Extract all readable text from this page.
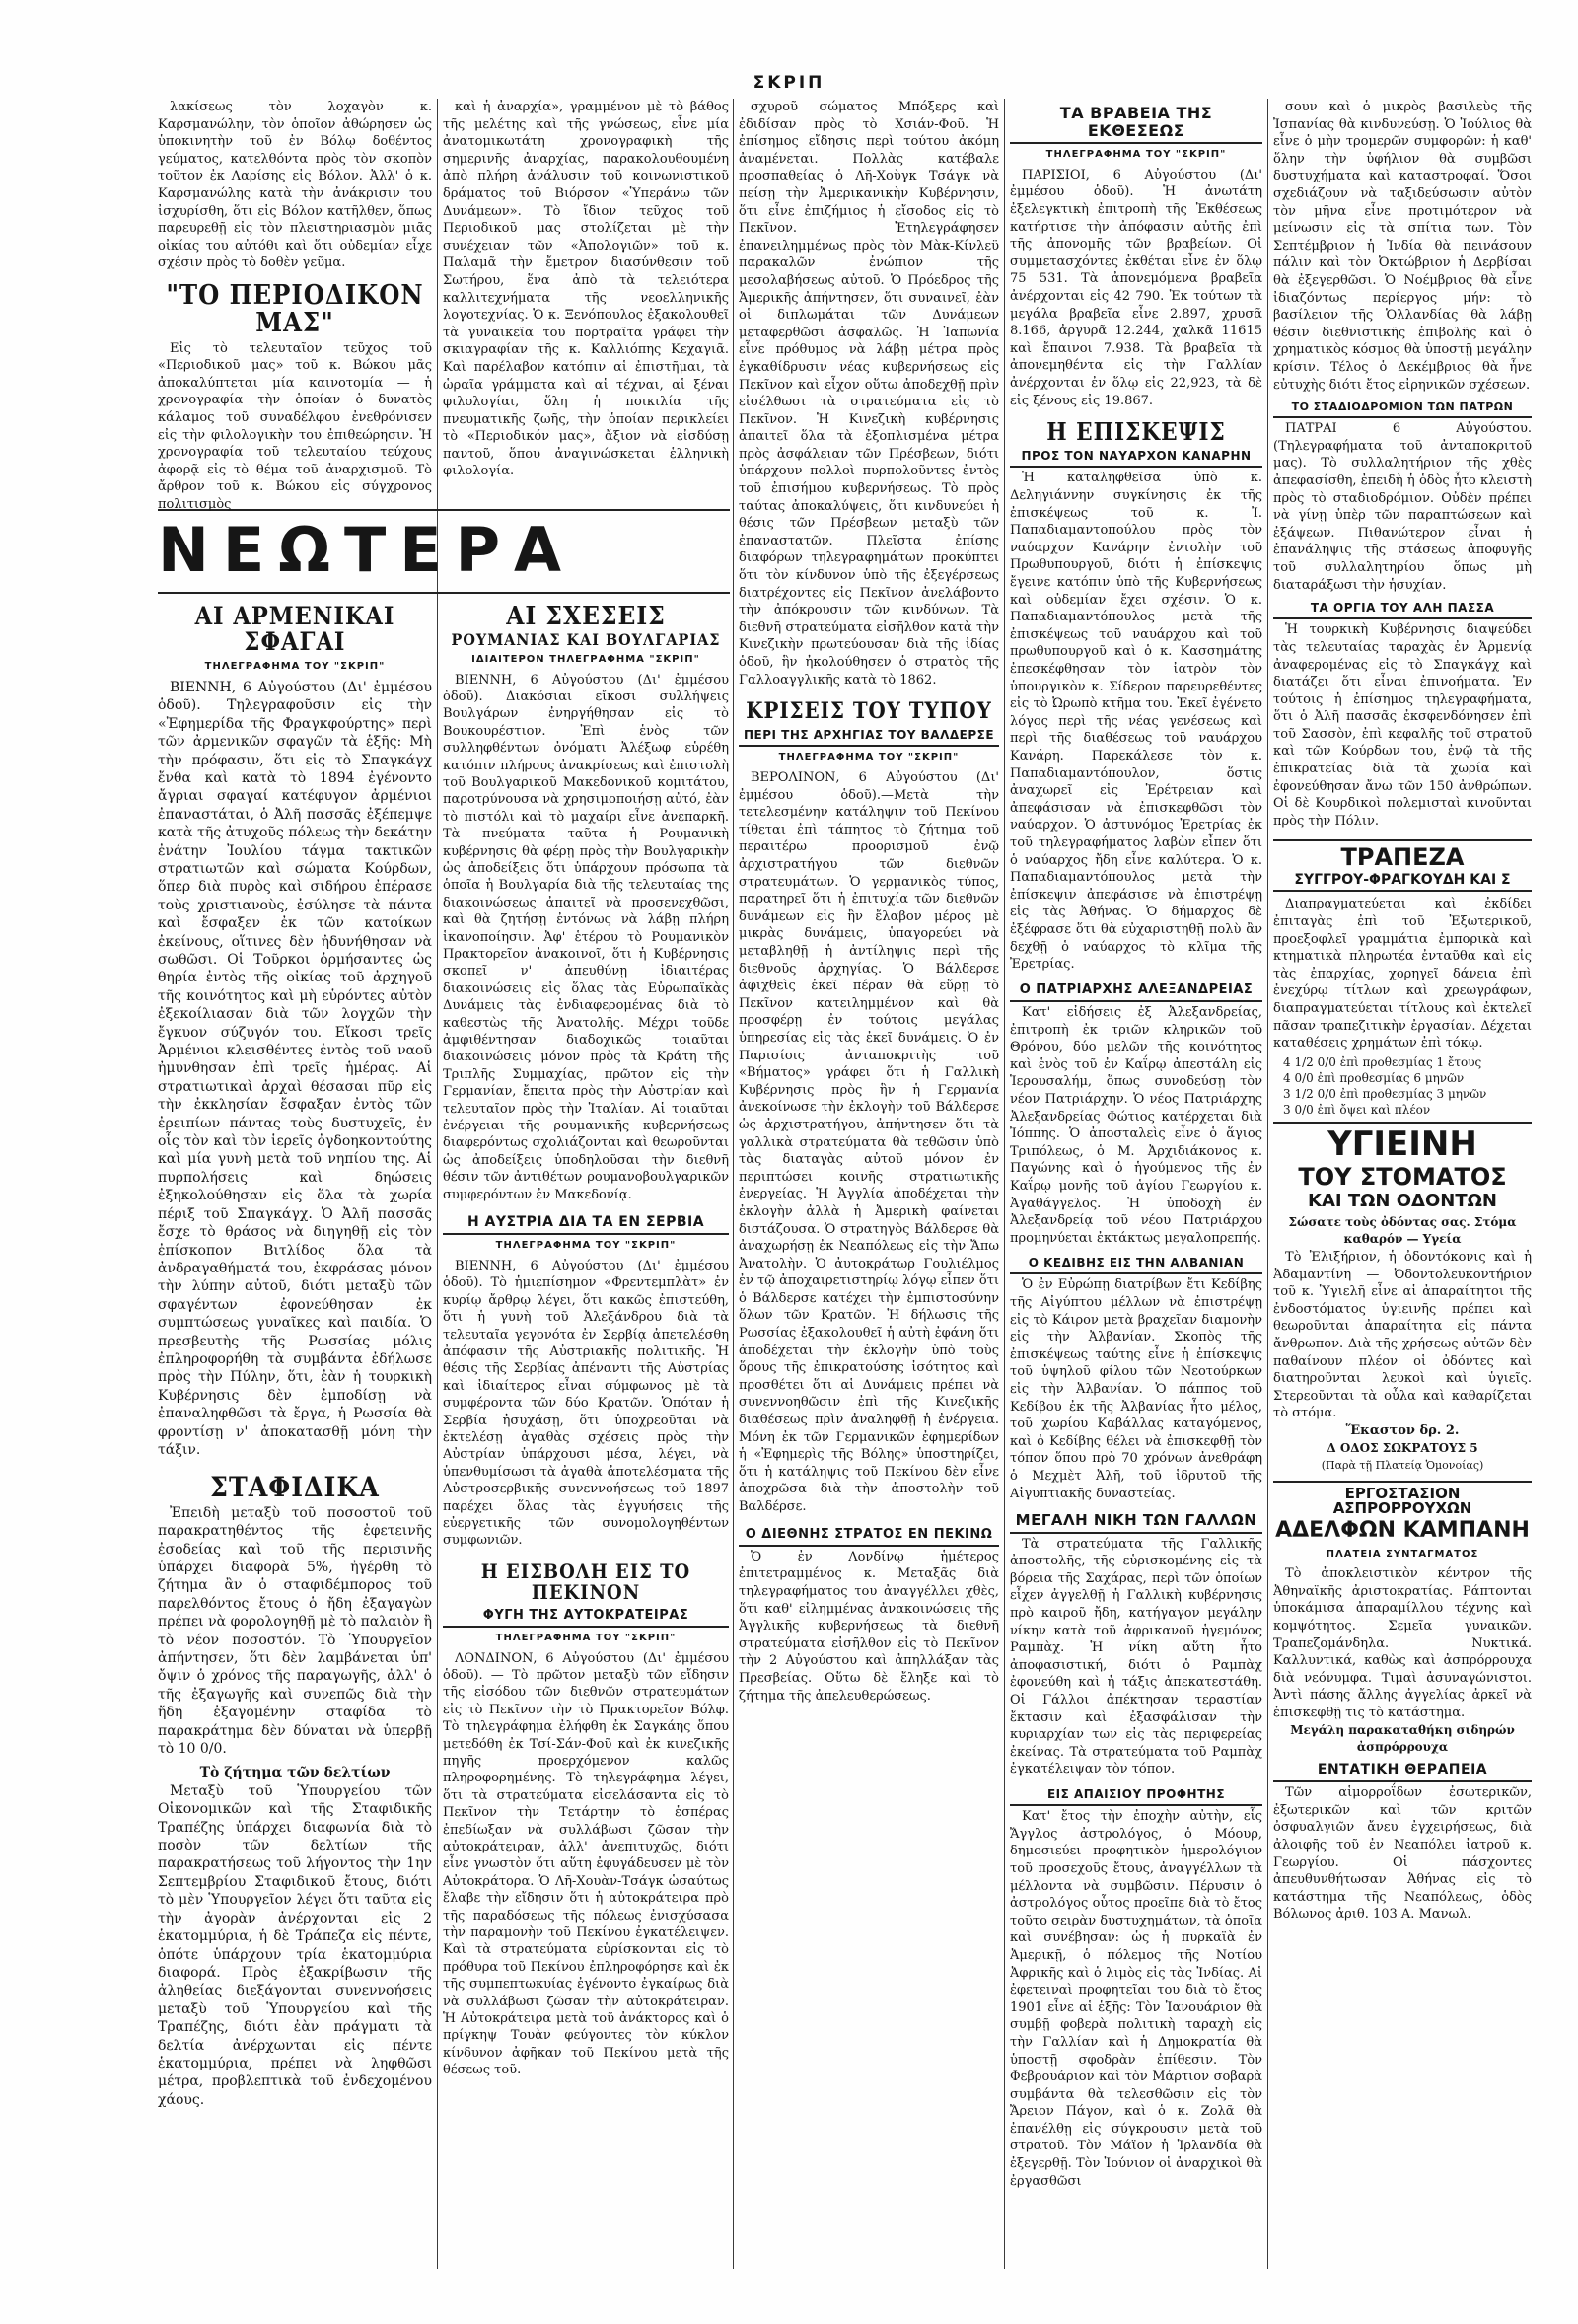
ΣΚΡΙΠ

λακίσεως τὸν λοχαγὸν κ. Καρσμανώλην, τὸν ὁποῖον ἀθώρησεν ὡς ὑποκινητὴν τοῦ ἐν Βόλῳ δοθέντος γεύματος, κατελθόντα πρὸς τὸν σκοπὸν τοῦτον ἐκ Λαρίσης εἰς Βόλον. Ἀλλ' ὁ κ. Καρσμανώλης κατὰ τὴν ἀνάκρισιν του ἰσχυρίσθη, ὅτι εἰς Βόλον κατῆλθεν, ὅπως παρευρεθῇ εἰς τὸν πλειστηριασμὸν μιᾶς οἰκίας του αὐτόθι καὶ ὅτι οὐδεμίαν εἶχε σχέσιν πρὸς τὸ δοθὲν γεῦμα.

"ΤΟ ΠΕΡΙΟΔΙΚΟΝ ΜΑΣ"

Εἰς τὸ τελευταῖον τεῦχος τοῦ «Περιοδικοῦ μας» τοῦ κ. Βώκου μᾶς ἀποκαλύπτεται μία καινοτομία — ἡ χρονογραφία τὴν ὁποίαν ὁ δυνατὸς κάλαμος τοῦ συναδέλφου ἐνεθρόνισεν εἰς τὴν φιλολογικὴν του ἐπιθεώρησιν. Ἡ χρονογραφία τοῦ τελευταίου τεύχους ἀφορᾷ εἰς τὸ θέμα τοῦ ἀναρχισμοῦ. Τὸ ἄρθρον τοῦ κ. Βώκου εἰς σύγχρονος πολιτισμὸς

ΝΕΩΤΕΡΑ
ΑΙ ΑΡΜΕΝΙΚΑΙ ΣΦΑΓΑΙ
ΤΗΛΕΓΡΑΦΗΜΑ ΤΟΥ "ΣΚΡΙΠ"

ΒΙΕΝΝΗ, 6 Αὐγούστου (Δι' ἐμμέσου ὁδοῦ). Τηλεγραφοῦσιν εἰς τὴν «Ἐφημερίδα τῆς Φραγκφούρτης» περὶ τῶν ἀρμενικῶν σφαγῶν τὰ ἑξῆς: Μὴ τὴν πρόφασιν, ὅτι εἰς τὸ Σπαγκάγχ ἔνθα καὶ κατὰ τὸ 1894 ἐγένοντο ἄγριαι σφαγαί κατέφυγον ἀρμένιοι ἐπαναστάται, ὁ Ἀλῆ πασσᾶς ἐξέπεμψε κατὰ τῆς ἀτυχοῦς πόλεως τὴν δεκάτην ἐνάτην Ἰουλίου τάγμα τακτικῶν στρατιωτῶν καὶ σώματα Κούρδων, ὅπερ διὰ πυρὸς καὶ σιδήρου ἐπέρασε τοὺς χριστιανοὺς, ἐσύλησε τὰ πάντα καὶ ἔσφαξεν ἐκ τῶν κατοίκων ἐκείνους, οἵτινες δὲν ἠδυνήθησαν νὰ σωθῶσι. Οἱ Τοῦρκοι ὁρμήσαντες ὡς θηρία ἐντὸς τῆς οἰκίας τοῦ ἀρχηγοῦ τῆς κοινότητος καὶ μὴ εὑρόντες αὐτὸν ἐξεκοίλιασαν διὰ τῶν λογχῶν τὴν ἔγκυον σύζυγόν του. Εἴκοσι τρεῖς Ἀρμένιοι κλεισθέντες ἐντὸς τοῦ ναοῦ ἠμυνθησαν ἐπὶ τρεῖς ἡμέρας. Αἱ στρατιωτικαὶ ἀρχαὶ θέσασαι πῦρ εἰς τὴν ἐκκλησίαν ἔσφαξαν ἐντὸς τῶν ἐρειπίων πάντας τοὺς δυστυχεῖς, ἐν οἷς τὸν καὶ τὸν ἱερεῖς ὀγδοηκοντούτης καὶ μία γυνὴ μετὰ τοῦ νηπίου της. Αἱ πυρπολήσεις καὶ δηώσεις ἐξηκολούθησαν εἰς ὅλα τὰ χωρία πέριξ τοῦ Σπαγκάγχ. Ὁ Ἀλῆ πασσᾶς ἔσχε τὸ θράσος νὰ διηγηθῇ εἰς τὸν ἐπίσκοπον Βιτλίδος ὅλα τὰ ἀνδραγαθήματά του, ἐκφράσας μόνον τὴν λύπην αὐτοῦ, διότι μεταξὺ τῶν σφαγέντων ἐφονεύθησαν ἐκ συμπτώσεως γυναῖκες καὶ παιδία. Ὁ πρεσβευτὴς τῆς Ρωσσίας μόλις ἐπληροφορήθη τὰ συμβάντα ἐδήλωσε πρὸς τὴν Πύλην, ὅτι, ἐὰν ἡ τουρκικὴ Κυβέρνησις δὲν ἐμποδίσῃ νὰ ἐπαναληφθῶσι τὰ ἔργα, ἡ Ρωσσία θὰ φροντίσῃ ν' ἀποκατασθῇ μόνη τὴν τάξιν.

ΣΤΑΦΙΔΙΚΑ

Ἐπειδὴ μεταξὺ τοῦ ποσοστοῦ τοῦ παρακρατηθέντος τῆς ἐφετεινῆς ἐσοδείας καὶ τοῦ τῆς περισινῆς ὑπάρχει διαφορὰ 5%, ἠγέρθη τὸ ζήτημα ἂν ὁ σταφιδέμπορος τοῦ παρελθόντος ἔτους ὁ ἤδη ἐξαγαγὼν πρέπει νὰ φορολογηθῇ μὲ τὸ παλαιὸν ἢ τὸ νέον ποσοστόν. Τὸ Ὑπουργεῖον ἀπήντησεν, ὅτι δὲν λαμβάνεται ὑπ' ὄψιν ὁ χρόνος τῆς παραγωγῆς, ἀλλ' ὁ τῆς ἐξαγωγῆς καὶ συνεπῶς διὰ τὴν ἤδη ἐξαγομένην σταφίδα τὸ παρακράτημα δὲν δύναται νὰ ὑπερβῇ τὸ 10 0/0.

Τὸ ζήτημα τῶν δελτίων

Μεταξὺ τοῦ Ὑπουργείου τῶν Οἰκονομικῶν καὶ τῆς Σταφιδικῆς Τραπέζης ὑπάρχει διαφωνία διὰ τὸ ποσὸν τῶν δελτίων τῆς παρακρατήσεως τοῦ λήγοντος τὴν 1ην Σεπτεμβρίου Σταφιδικοῦ ἔτους, διότι τὸ μὲν Ὑπουργεῖον λέγει ὅτι ταῦτα εἰς τὴν ἀγορὰν ἀνέρχονται εἰς 2 ἑκατομμύρια, ἡ δὲ Τράπεζα εἰς πέντε, ὁπότε ὑπάρχουν τρία ἑκατομμύρια διαφορά. Πρὸς ἐξακρίβωσιν τῆς ἀληθείας διεξάγονται συνεννοήσεις μεταξὺ τοῦ Ὑπουργείου καὶ τῆς Τραπέζης, διότι ἐὰν πράγματι τὰ δελτία ἀνέρχωνται εἰς πέντε ἑκατομμύρια, πρέπει νὰ ληφθῶσι μέτρα, προβλεπτικὰ τοῦ ἐνδεχομένου χάους.

καὶ ἡ ἀναρχία», γραμμένον μὲ τὸ βάθος τῆς μελέτης καὶ τῆς γνώσεως, εἶνε μία ἀνατομικωτάτη χρονογραφικὴ τῆς σημερινῆς ἀναρχίας, παρακολουθουμένη ἀπὸ πλήρη ἀνάλυσιν τοῦ κοινωνιστικοῦ δράματος τοῦ Βιόρσον «Ὑπεράνω τῶν Δυνάμεων». Τὸ ἴδιον τεῦχος τοῦ Περιοδικοῦ μας στολίζεται μὲ τὴν συνέχειαν τῶν «Ἀπολογιῶν» τοῦ κ. Παλαμᾶ τὴν ἔμετρον διασύνθεσιν τοῦ Σωτήρου, ἕνα ἀπὸ τὰ τελειότερα καλλιτεχνήματα τῆς νεοελληνικῆς λογοτεχνίας. Ὁ κ. Ξενόπουλος ἐξακολουθεῖ τὰ γυναικεῖα του πορτραῖτα γράφει τὴν σκιαγραφίαν τῆς κ. Καλλιόπης Κεχαγιᾶ. Καὶ παρέλαβον κατόπιν αἱ ἐπιστῆμαι, τὰ ὡραῖα γράμματα καὶ αἱ τέχναι, αἱ ξέναι φιλολογίαι, ὅλη ἡ ποικιλία τῆς πνευματικῆς ζωῆς, τὴν ὁποίαν περικλείει τὸ «Περιοδικόν μας», ἄξιον νὰ εἰσδύσῃ παντοῦ, ὅπου ἀναγινώσκεται ἑλληνικὴ φιλολογία.

ΑΙ ΣΧΕΣΕΙΣ
ΡΟΥΜΑΝΙΑΣ ΚΑΙ ΒΟΥΛΓΑΡΙΑΣ
ΙΔΙΑΙΤΕΡΟΝ ΤΗΛΕΓΡΑΦΗΜΑ "ΣΚΡΙΠ"

ΒΙΕΝΝΗ, 6 Αὐγούστου (Δι' ἐμμέσου ὁδοῦ). Διακόσιαι εἴκοσι συλλήψεις Βουλγάρων ἐνηργήθησαν εἰς τὸ Βουκουρέστιον. Ἐπὶ ἑνὸς τῶν συλληφθέντων ὀνόματι Ἀλέξωφ εὑρέθη κατόπιν πλήρους ἀνακρίσεως καὶ ἐπιστολὴ τοῦ Βουλγαρικοῦ Μακεδονικοῦ κομιτάτου, παροτρύνουσα νὰ χρησιμοποιήσῃ αὐτό, ἐὰν τὸ πιστόλι καὶ τὸ μαχαίρι εἶνε ἀνεπαρκῆ. Τὰ πνεύματα ταῦτα ἡ Ρουμανικὴ κυβέρνησις θὰ φέρῃ πρὸς τὴν Βουλγαρικὴν ὡς ἀποδείξεις ὅτι ὑπάρχουν πρόσωπα τὰ ὁποῖα ἡ Βουλγαρία διὰ τῆς τελευταίας της διακοινώσεως ἀπαιτεῖ νὰ προσενεχθῶσι, καὶ θὰ ζητήσῃ ἐντόνως νὰ λάβῃ πλήρη ἱκανοποίησιν. Ἀφ' ἑτέρου τὸ Ρουμανικὸν Πρακτορεῖον ἀνακοινοῖ, ὅτι ἡ Κυβέρνησις σκοπεῖ ν' ἀπευθύνῃ ἰδιαιτέρας διακοινώσεις εἰς ὅλας τὰς Εὐρωπαϊκὰς Δυνάμεις τὰς ἐνδιαφερομένας διὰ τὸ καθεστὼς τῆς Ἀνατολῆς. Μέχρι τοῦδε ἀμφιθέντησαν διαδοχικῶς τοιαῦται διακοινώσεις μόνον πρὸς τὰ Κράτη τῆς Τριπλῆς Συμμαχίας, πρῶτον εἰς τὴν Γερμανίαν, ἔπειτα πρὸς τὴν Αὐστρίαν καὶ τελευταῖον πρὸς τὴν Ἰταλίαν. Αἱ τοιαῦται ἐνέργειαι τῆς ρουμανικῆς κυβερνήσεως διαφερόντως σχολιάζονται καὶ θεωροῦνται ὡς ἀποδείξεις ὑποδηλοῦσαι τὴν διεθνῆ θέσιν τῶν ἀντιθέτων ρουμανοβουλγαρικῶν συμφερόντων ἐν Μακεδονίᾳ.

Η ΑΥΣΤΡΙΑ ΔΙΑ ΤΑ ΕΝ ΣΕΡΒΙΑ
ΤΗΛΕΓΡΑΦΗΜΑ ΤΟΥ "ΣΚΡΙΠ"

ΒΙΕΝΝΗ, 6 Αὐγούστου (Δι' ἐμμέσου ὁδοῦ). Τὸ ἡμιεπίσημον «Φρεντεμπλὰτ» ἐν κυρίῳ ἄρθρῳ λέγει, ὅτι κακῶς ἐπιστεύθη, ὅτι ἡ γυνὴ τοῦ Ἀλεξάνδρου διὰ τὰ τελευταῖα γεγονότα ἐν Σερβίᾳ ἀπετελέσθη ἀπόφασιν τῆς Αὐστριακῆς πολιτικῆς. Ἡ θέσις τῆς Σερβίας ἀπέναντι τῆς Αὐστρίας καὶ ἰδιαίτερος εἶναι σύμφωνος μὲ τὰ συμφέροντα τῶν δύο Κρατῶν. Ὁπόταν ἡ Σερβία ἠσυχάσῃ, ὅτι ὑποχρεοῦται νὰ ἐκτελέσῃ ἀγαθὰς σχέσεις πρὸς τὴν Αὐστρίαν ὑπάρχουσι μέσα, λέγει, νὰ ὑπενθυμίσωσι τὰ ἀγαθὰ ἀποτελέσματα τῆς Αὐστροσερβικῆς συνεννοήσεως τοῦ 1897 παρέχει ὅλας τὰς ἐγγυήσεις τῆς εὐεργετικῆς τῶν συνομολογηθέντων συμφωνιῶν.

Η ΕΙΣΒΟΛΗ ΕΙΣ ΤΟ ΠΕΚΙΝΟΝ
ΦΥΓΗ ΤΗΣ ΑΥΤΟΚΡΑΤΕΙΡΑΣ
ΤΗΛΕΓΡΑΦΗΜΑ ΤΟΥ "ΣΚΡΙΠ"

ΛΟΝΔΙΝΟΝ, 6 Αὐγούστου (Δι' ἐμμέσου ὁδοῦ). — Τὸ πρῶτον μεταξὺ τῶν εἴδησιν τῆς εἰσόδου τῶν διεθνῶν στρατευμάτων εἰς τὸ Πεκῖνον τὴν τὸ Πρακτορεῖον Βόλφ. Τὸ τηλεγράφημα ἐλήφθη ἐκ Σαγκάης ὅπου μετεδόθη ἐκ Τσί-Σάν-Φοῦ καὶ ἐκ κινεζικῆς πηγῆς προερχόμενον καλῶς πληροφορημένης. Τὸ τηλεγράφημα λέγει, ὅτι τὰ στρατεύματα εἰσελάσαντα εἰς τὸ Πεκῖνον τὴν Τετάρτην τὸ ἑσπέρας ἐπεδίωξαν νὰ συλλάβωσι ζῶσαν τὴν αὐτοκράτειραν, ἀλλ' ἀνεπιτυχῶς, διότι εἶνε γνωστὸν ὅτι αὕτη ἐφυγάδευσεν μὲ τὸν Αὐτοκράτορα. Ὁ Λῆ-Χουὰν-Τσάγκ ὡσαύτως ἔλαβε τὴν εἴδησιν ὅτι ἡ αὐτοκράτειρα πρὸ τῆς παραδόσεως τῆς πόλεως ἐνισχύσασα τὴν παραμονὴν τοῦ Πεκίνου ἐγκατέλειψεν. Καὶ τὰ στρατεύματα εὑρίσκονται εἰς τὸ πρόθυρα τοῦ Πεκίνου ἐπληροφόρησε καὶ ἐκ τῆς συμπεπτωκυίας ἐγένοντο ἐγκαίρως διὰ νὰ συλλάβωσι ζῶσαν τὴν αὐτοκράτειραν. Ἡ Αὐτοκράτειρα μετὰ τοῦ ἀνάκτορος καὶ ὁ πρίγκηψ Τουὰν φεύγοντες τὸν κύκλον κίνδυνον ἀφῆκαν τοῦ Πεκίνου μετὰ τῆς θέσεως τοῦ.

σχυροῦ σώματος Μπόξερς καὶ ἐδιδίσαν πρὸς τὸ Χσιάν-Φοῦ. Ἡ ἐπίσημος εἴδησις περὶ τούτου ἀκόμη ἀναμένεται. Πολλὰς κατέβαλε προσπαθείας ὁ Λῆ-Χοὺγκ Τσάγκ νὰ πείσῃ τὴν Ἀμερικανικὴν Κυβέρνησιν, ὅτι εἶνε ἐπιζήμιος ἡ εἴσοδος εἰς τὸ Πεκῖνον. Ἐτηλεγράφησεν ἐπανειλημμένως πρὸς τὸν Μὰκ-Κίνλεϋ παρακαλῶν ἐνώπιον τῆς μεσολαβήσεως αὐτοῦ. Ὁ Πρόεδρος τῆς Ἀμερικῆς ἀπήντησεν, ὅτι συναινεῖ, ἐὰν οἱ διπλωμάται τῶν Δυνάμεων μεταφερθῶσι ἀσφαλῶς. Ἡ Ἰαπωνία εἶνε πρόθυμος νὰ λάβῃ μέτρα πρὸς ἐγκαθίδρυσιν νέας κυβερνήσεως εἰς Πεκῖνον καὶ εἶχον οὕτω ἀποδεχθῇ πρὶν εἰσέλθωσι τὰ στρατεύματα εἰς τὸ Πεκῖνον. Ἡ Κινεζικὴ κυβέρνησις ἀπαιτεῖ ὅλα τὰ ἐξοπλισμένα μέτρα πρὸς ἀσφάλειαν τῶν Πρέσβεων, διότι ὑπάρχουν πολλοὶ πυρπολοῦντες ἐντὸς τοῦ ἐπισήμου κυβερνήσεως. Τὸ πρὸς ταύτας ἀποκαλύψεις, ὅτι κινδυνεύει ἡ θέσις τῶν Πρέσβεων μεταξὺ τῶν ἐπαναστατῶν. Πλεῖστα ἐπίσης διαφόρων τηλεγραφημάτων προκύπτει ὅτι τὸν κίνδυνον ὑπὸ τῆς ἐξεγέρσεως διατρέχοντες εἰς Πεκῖνον ἀνελάβοντο τὴν ἀπόκρουσιν τῶν κινδύνων. Τὰ διεθνῆ στρατεύματα εἰσῆλθον κατὰ τὴν Κινεζικὴν πρωτεύουσαν διὰ τῆς ἰδίας ὁδοῦ, ἣν ἠκολούθησεν ὁ στρατὸς τῆς Γαλλοαγγλικῆς κατὰ τὸ 1862.

ΚΡΙΣΕΙΣ ΤΟΥ ΤΥΠΟΥ
ΠΕΡΙ ΤΗΣ ΑΡΧΗΓΙΑΣ ΤΟΥ ΒΑΛΔΕΡΣΕ
ΤΗΛΕΓΡΑΦΗΜΑ ΤΟΥ "ΣΚΡΙΠ"

ΒΕΡΟΛΙΝΟΝ, 6 Αὐγούστου (Δι' ἐμμέσου ὁδοῦ).—Μετὰ τὴν τετελεσμένην κατάληψιν τοῦ Πεκίνου τίθεται ἐπὶ τάπητος τὸ ζήτημα τοῦ περαιτέρω προορισμοῦ ἐνῷ ἀρχιστρατήγου τῶν διεθνῶν στρατευμάτων. Ὁ γερμανικὸς τύπος, παρατηρεῖ ὅτι ἡ ἐπιτυχία τῶν διεθνῶν δυνάμεων εἰς ἣν ἔλαβον μέρος μὲ μικρὰς δυνάμεις, ὑπαγορεύει νὰ μεταβληθῇ ἡ ἀντίληψις περὶ τῆς διεθνοῦς ἀρχηγίας. Ὁ Βάλδερσε ἀφιχθεὶς ἐκεῖ πέραν θὰ εὕρῃ τὸ Πεκῖνον κατειλημμένον καὶ θὰ προσφέρῃ ἐν τούτοις μεγάλας ὑπηρεσίας εἰς τὰς ἐκεῖ δυνάμεις. Ὁ ἐν Παρισίοις ἀνταποκριτὴς τοῦ «Βήματος» γράφει ὅτι ἡ Γαλλικὴ Κυβέρνησις πρὸς ἣν ἡ Γερμανία ἀνεκοίνωσε τὴν ἐκλογὴν τοῦ Βάλδερσε ὡς ἀρχιστρατήγου, ἀπήντησεν ὅτι τὰ γαλλικὰ στρατεύματα θὰ τεθῶσιν ὑπὸ τὰς διαταγὰς αὐτοῦ μόνον ἐν περιπτώσει κοινῆς στρατιωτικῆς ἐνεργείας. Ἡ Ἀγγλία ἀποδέχεται τὴν ἐκλογὴν ἀλλὰ ἡ Ἀμερικὴ φαίνεται διστάζουσα. Ὁ στρατηγὸς Βάλδερσε θὰ ἀναχωρήσῃ ἐκ Νεαπόλεως εἰς τὴν Ἄπω Ἀνατολὴν. Ὁ ἀυτοκράτωρ Γουλιέλμος ἐν τῷ ἀποχαιρετιστηρίῳ λόγῳ εἶπεν ὅτι ὁ Βάλδερσε κατέχει τὴν ἐμπιστοσύνην ὅλων τῶν Κρατῶν. Ἡ δήλωσις τῆς Ρωσσίας ἐξακολουθεῖ ἡ αὐτὴ ἐφάνη ὅτι ἀποδέχεται τὴν ἐκλογὴν ὑπὸ τοὺς ὅρους τῆς ἐπικρατούσης ἰσότητος καὶ προσθέτει ὅτι αἱ Δυνάμεις πρέπει νὰ συνεννοηθῶσιν ἐπὶ τῆς Κινεζικῆς διαθέσεως πρὶν ἀναληφθῇ ἡ ἐνέργεια. Μόνη ἐκ τῶν Γερμανικῶν ἐφημερίδων ἡ «Ἐφημερὶς τῆς Βόλης» ὑποστηρίζει, ὅτι ἡ κατάληψις τοῦ Πεκίνου δὲν εἶνε ἀποχρῶσα διὰ τὴν ἀποστολὴν τοῦ Βαλδέρσε.

Ο ΔΙΕΘΝΗΣ ΣΤΡΑΤΟΣ ΕΝ ΠΕΚΙΝΩ

Ὁ ἐν Λονδίνῳ ἡμέτερος ἐπιτετραμμένος κ. Μεταξᾶς διὰ τηλεγραφήματος του ἀναγγέλλει χθὲς, ὅτι καθ' εἰλημμένας ἀνακοινώσεις τῆς Ἀγγλικῆς κυβερνήσεως τὰ διεθνῆ στρατεύματα εἰσῆλθον εἰς τὸ Πεκῖνον τὴν 2 Αὐγούστου καὶ ἀπηλλάξαν τὰς Πρεσβείας. Οὕτω δὲ ἔληξε καὶ τὸ ζήτημα τῆς ἀπελευθερώσεως.

ΤΑ ΒΡΑΒΕΙΑ ΤΗΣ ΕΚΘΕΣΕΩΣ
ΤΗΛΕΓΡΑΦΗΜΑ ΤΟΥ "ΣΚΡΙΠ"

ΠΑΡΙΣΙΟΙ, 6 Αὐγούστου (Δι' ἐμμέσου ὁδοῦ). Ἡ ἀνωτάτη ἐξελεγκτικὴ ἐπιτροπὴ τῆς Ἐκθέσεως κατήρτισε τὴν ἀπόφασιν αὐτῆς ἐπὶ τῆς ἀπονομῆς τῶν βραβείων. Οἱ συμμετασχόντες ἐκθέται εἶνε ἐν ὅλῳ 75 531. Τὰ ἀπονεμόμενα βραβεῖα ἀνέρχονται εἰς 42 790. Ἐκ τούτων τὰ μεγάλα βραβεῖα εἶνε 2.897, χρυσᾶ 8.166, ἀργυρᾶ 12.244, χαλκᾶ 11615 καὶ ἔπαινοι 7.938. Τὰ βραβεῖα τὰ ἀπονεμηθέντα εἰς τὴν Γαλλίαν ἀνέρχονται ἐν ὅλῳ εἰς 22,923, τὰ δὲ εἰς ξένους εἰς 19.867.

Η ΕΠΙΣΚΕΨΙΣ
ΠΡΟΣ ΤΟΝ ΝΑΥΑΡΧΟΝ ΚΑΝΑΡΗΝ

Ἡ καταληφθεῖσα ὑπὸ κ. Δεληγιάννην συγκίνησις ἐκ τῆς ἐπισκέψεως τοῦ κ. Ἰ. Παπαδιαμαντοπούλου πρὸς τὸν ναύαρχον Κανάρην ἐντολὴν τοῦ Πρωθυπουργοῦ, διότι ἡ ἐπίσκεψις ἔγεινε κατόπιν ὑπὸ τῆς Κυβερνήσεως καὶ οὐδεμίαν ἔχει σχέσιν. Ὁ κ. Παπαδιαμαντόπουλος μετὰ τῆς ἐπισκέψεως τοῦ ναυάρχου καὶ τοῦ πρωθυπουργοῦ καὶ ὁ κ. Κασσημάτης ἐπεσκέφθησαν τὸν ἰατρὸν τὸν ὑπουργικὸν κ. Σίδερον παρευρεθέντες εἰς τὸ Ὠρωπὸ κτῆμα του. Ἐκεῖ ἐγένετο λόγος περὶ τῆς νέας γενέσεως καὶ περὶ τῆς διαθέσεως τοῦ ναυάρχου Κανάρη. Παρεκάλεσε τὸν κ. Παπαδιαμαντόπουλον, ὅστις ἀναχωρεῖ εἰς Ἐρέτρειαν καὶ ἀπεφάσισαν νὰ ἐπισκεφθῶσι τὸν ναύαρχον. Ὁ ἀστυνόμος Ἐρετρίας ἐκ τοῦ τηλεγραφήματος λαβὼν εἶπεν ὅτι ὁ ναύαρχος ἤδη εἶνε καλύτερα. Ὁ κ. Παπαδιαμαντόπουλος μετὰ τὴν ἐπίσκεψιν ἀπεφάσισε νὰ ἐπιστρέψῃ εἰς τὰς Ἀθήνας. Ὁ δήμαρχος δὲ ἐξέφρασε ὅτι θὰ εὐχαριστηθῇ πολὺ ἂν δεχθῇ ὁ ναύαρχος τὸ κλῖμα τῆς Ἐρετρίας.

Ο ΠΑΤΡΙΑΡΧΗΣ ΑΛΕΞΑΝΔΡΕΙΑΣ

Κατ' εἰδήσεις ἐξ Ἀλεξανδρείας, ἐπιτροπὴ ἐκ τριῶν κληρικῶν τοῦ Θρόνου, δύο μελῶν τῆς κοινότητος καὶ ἑνὸς τοῦ ἐν Καΐρῳ ἀπεστάλη εἰς Ἱερουσαλήμ, ὅπως συνοδεύσῃ τὸν νέον Πατριάρχην. Ὁ νέος Πατριάρχης Ἀλεξανδρείας Φώτιος κατέρχεται διὰ Ἰόππης. Ὁ ἀποσταλεὶς εἶνε ὁ ἅγιος Τριπόλεως, ὁ Μ. Ἀρχιδιάκονος κ. Παγώνης καὶ ὁ ἡγούμενος τῆς ἐν Καΐρῳ μονῆς τοῦ ἁγίου Γεωργίου κ. Ἀγαθάγγελος. Ἡ ὑποδοχὴ ἐν Ἀλεξανδρείᾳ τοῦ νέου Πατριάρχου προμηνύεται ἐκτάκτως μεγαλοπρεπής.

Ο ΚΕΔΙΒΗΣ ΕΙΣ ΤΗΝ ΑΛΒΑΝΙΑΝ

Ὁ ἐν Εὐρώπῃ διατρίβων ἔτι Κεδίβης τῆς Αἰγύπτου μέλλων νὰ ἐπιστρέψῃ εἰς τὸ Κάιρον μετὰ βραχεῖαν διαμονὴν εἰς τὴν Ἀλβανίαν. Σκοπὸς τῆς ἐπισκέψεως ταύτης εἶνε ἡ ἐπίσκεψις τοῦ ὑψηλοῦ φίλου τῶν Νεοτούρκων εἰς τὴν Ἀλβανίαν. Ὁ πάππος τοῦ Κεδίβου ἐκ τῆς Ἀλβανίας ἦτο μέλος, τοῦ χωρίου Καβάλλας καταγόμενος, καὶ ὁ Κεδίβης θέλει νὰ ἐπισκεφθῇ τὸν τόπον ὅπου πρὸ 70 χρόνων ἀνεθράφη ὁ Μεχμὲτ Ἀλῆ, τοῦ ἱδρυτοῦ τῆς Αἰγυπτιακῆς δυναστείας.

ΜΕΓΑΛΗ ΝΙΚΗ ΤΩΝ ΓΑΛΛΩΝ

Τὰ στρατεύματα τῆς Γαλλικῆς ἀποστολῆς, τῆς εὑρισκομένης εἰς τὰ βόρεια τῆς Σαχάρας, περὶ τῶν ὁποίων εἶχεν ἀγγελθῇ ἡ Γαλλικὴ κυβέρνησις πρὸ καιροῦ ἤδη, κατήγαγον μεγάλην νίκην κατὰ τοῦ ἀφρικανοῦ ἡγεμόνος Ραμπὰχ. Ἡ νίκη αὕτη ἦτο ἀποφασιστική, διότι ὁ Ραμπὰχ ἐφονεύθη καὶ ἡ τάξις ἀπεκατεστάθη. Οἱ Γάλλοι ἀπέκτησαν τεραστίαν ἔκτασιν καὶ ἐξασφάλισαν τὴν κυριαρχίαν των εἰς τὰς περιφερείας ἐκείνας. Τὰ στρατεύματα τοῦ Ραμπὰχ ἐγκατέλειψαν τὸν τόπον.

ΕΙΣ ΑΠΑΙΣΙΟΥ ΠΡΟΦΗΤΗΣ

Κατ' ἔτος τὴν ἐποχὴν αὐτὴν, εἷς Ἄγγλος ἀστρολόγος, ὁ Μόουρ, δημοσιεύει προφητικὸν ἡμερολόγιον τοῦ προσεχοῦς ἔτους, ἀναγγέλλων τὰ μέλλοντα νὰ συμβῶσιν. Πέρυσιν ὁ ἀστρολόγος οὗτος προεῖπε διὰ τὸ ἔτος τοῦτο σειρὰν δυστυχημάτων, τὰ ὁποῖα καὶ συνέβησαν: ὡς ἡ πυρκαϊὰ ἐν Ἀμερικῇ, ὁ πόλεμος τῆς Νοτίου Ἀφρικῆς καὶ ὁ λιμὸς εἰς τὰς Ἰνδίας. Αἱ ἐφετειναὶ προφητεῖαι του διὰ τὸ ἔτος 1901 εἶνε αἱ ἑξῆς: Τὸν Ἰανουάριον θὰ συμβῇ φοβερὰ πολιτικὴ ταραχὴ εἰς τὴν Γαλλίαν καὶ ἡ Δημοκρατία θὰ ὑποστῇ σφοδρὰν ἐπίθεσιν. Τὸν Φεβρουάριον καὶ τὸν Μάρτιον σοβαρὰ συμβάντα θὰ τελεσθῶσιν εἰς τὸν Ἄρειον Πάγον, καὶ ὁ κ. Ζολᾶ θὰ ἐπανέλθῃ εἰς σύγκρουσιν μετὰ τοῦ στρατοῦ. Τὸν Μάϊον ἡ Ἰρλανδία θὰ ἐξεγερθῇ. Τὸν Ἰούνιον οἱ ἀναρχικοὶ θὰ ἐργασθῶσι

σουν καὶ ὁ μικρὸς βασιλεὺς τῆς Ἰσπανίας θὰ κινδυνεύσῃ. Ὁ Ἰούλιος θὰ εἶνε ὁ μὴν τρομερῶν συμφορῶν: ἡ καθ' ὅλην τὴν ὑφήλιον θὰ συμβῶσι δυστυχήματα καὶ καταστροφαί. Ὅσοι σχεδιάζουν νὰ ταξιδεύσωσιν αὐτὸν τὸν μῆνα εἶνε προτιμότερον νὰ μείνωσιν εἰς τὰ σπίτια των. Τὸν Σεπτέμβριον ἡ Ἰνδία θὰ πεινάσουν πάλιν καὶ τὸν Ὀκτώβριον ἡ Δερβίσαι θὰ ἐξεγερθῶσι. Ὁ Νοέμβριος θὰ εἶνε ἰδιαζόντως περίεργος μήν: τὸ βασίλειον τῆς Ὁλλανδίας θὰ λάβῃ θέσιν διεθνιστικῆς ἐπιβολῆς καὶ ὁ χρηματικὸς κόσμος θὰ ὑποστῇ μεγάλην κρίσιν. Τέλος ὁ Δεκέμβριος θὰ ἦνε εὐτυχὴς διότι ἔτος εἰρηνικῶν σχέσεων.

ΤΟ ΣΤΑΔΙΟΔΡΟΜΙΟΝ ΤΩΝ ΠΑΤΡΩΝ

ΠΑΤΡΑΙ 6 Αὐγούστου. (Τηλεγραφήματα τοῦ ἀνταποκριτοῦ μας). Τὸ συλλαλητήριον τῆς χθὲς ἀπεφασίσθη, ἐπειδὴ ἡ ὁδὸς ἦτο κλειστὴ πρὸς τὸ σταδιοδρόμιον. Οὐδὲν πρέπει νὰ γίνῃ ὑπὲρ τῶν παραπτώσεων καὶ ἐξάψεων. Πιθανώτερον εἶναι ἡ ἐπανάληψις τῆς στάσεως ἀποφυγῆς τοῦ συλλαλητηρίου ὅπως μὴ διαταράξωσι τὴν ἡσυχίαν.

ΤΑ ΟΡΓΙΑ ΤΟΥ ΑΛΗ ΠΑΣΣΑ

Ἡ τουρκικὴ Κυβέρνησις διαψεύδει τὰς τελευταίας ταραχὰς ἐν Ἀρμενίᾳ ἀναφερομένας εἰς τὸ Σπαγκάγχ καὶ διατάζει ὅτι εἶναι ἐπινοήματα. Ἐν τούτοις ἡ ἐπίσημος τηλεγραφήματα, ὅτι ὁ Ἀλῆ πασσᾶς ἐκσφενδόνησεν ἐπὶ τοῦ Σασσὸν, ἐπὶ κεφαλῆς τοῦ στρατοῦ καὶ τῶν Κούρδων του, ἐνῷ τὰ τῆς ἐπικρατείας διὰ τὰ χωρία καὶ ἐφονεύθησαν ἄνω τῶν 150 ἀνθρώπων. Οἱ δὲ Κουρδικοὶ πολεμισταὶ κινοῦνται πρὸς τὴν Πόλιν.

ΤΡΑΠΕΖΑ
ΣΥΓΓΡΟΥ-ΦΡΑΓΚΟΥΔΗ ΚΑΙ Σ

Διαπραγματεύεται καὶ ἐκδίδει ἐπιταγὰς ἐπὶ τοῦ Ἐξωτερικοῦ, προεξοφλεῖ γραμμάτια ἐμπορικὰ καὶ κτηματικὰ πληρωτέα ἐνταῦθα καὶ εἰς τὰς ἐπαρχίας, χορηγεῖ δάνεια ἐπὶ ἐνεχύρῳ τίτλων καὶ χρεωγράφων, διαπραγματεύεται τίτλους καὶ ἐκτελεῖ πᾶσαν τραπεζιτικὴν ἐργασίαν. Δέχεται καταθέσεις χρημάτων ἐπὶ τόκῳ.

4 1/2 0/0 ἐπὶ προθεσμίας 1 ἔτους
4 0/0 ἐπὶ προθεσμίας 6 μηνῶν
3 1/2 0/0 ἐπὶ προθεσμίας 3 μηνῶν
3 0/0 ἐπὶ ὄψει καὶ πλέον
ΥΓΙΕΙΝΗ
ΤΟΥ ΣΤΟΜΑΤΟΣ
ΚΑΙ ΤΩΝ ΟΔΟΝΤΩΝ
Σώσατε τοὺς ὀδόντας σας. Στόμα καθαρόν — Υγεία

Τὸ Ἐλιξήριον, ἡ ὀδοντόκονις καὶ ἡ Ἀδαμαντίνη — Ὀδοντολευκοντήριον τοῦ κ. Ὑγιελῆ εἶνε αἱ ἀπαραίτητοι τῆς ἐνδοστόματος ὑγιεινῆς πρέπει καὶ θεωροῦνται ἀπαραίτητα εἰς πάντα ἄνθρωπον. Διὰ τῆς χρήσεως αὐτῶν δὲν παθαίνουν πλέον οἱ ὀδόντες καὶ διατηροῦνται λευκοὶ καὶ ὑγιεῖς. Στερεοῦνται τὰ οὖλα καὶ καθαρίζεται τὸ στόμα.

Ἕκαστον δρ. 2.
Δ ΟΔΟΣ ΣΩΚΡΑΤΟΥΣ 5
(Παρὰ τῇ Πλατείᾳ Ὁμονοίας)
ΕΡΓΟΣΤΑΣΙΟΝ ΑΣΠΡΟΡΡΟΥΧΩΝ
ΑΔΕΛΦΩΝ ΚΑΜΠΑΝΗ
ΠΛΑΤΕΙΑ ΣΥΝΤΑΓΜΑΤΟΣ

Τὸ ἀποκλειστικὸν κέντρον τῆς Ἀθηναϊκῆς ἀριστοκρατίας. Ράπτονται ὑποκάμισα ἀπαραμίλλου τέχνης καὶ κομψότητος. Σεμεῖα γυναικῶν. Τραπεζομάνδηλα. Νυκτικά. Καλλυντικά, καθὼς καὶ ἀσπρόρρουχα διὰ νεόνυμφα. Τιμαὶ ἀσυναγώνιστοι. Ἀντὶ πάσης ἄλλης ἀγγελίας ἀρκεῖ νὰ ἐπισκεφθῇ τις τὸ κατάστημα.

Μεγάλη παρακαταθήκη σιδηρών ἀσπρόρρουχα
ΕΝΤΑΤΙΚΗ ΘΕΡΑΠΕΙΑ

Τῶν αἱμορροΐδων ἐσωτερικῶν, ἐξωτερικῶν καὶ τῶν κριτῶν ὀσφυαλγιῶν ἄνευ ἐγχειρήσεως, διὰ ἀλοιφῆς τοῦ ἐν Νεαπόλει ἰατροῦ κ. Γεωργίου. Οἱ πάσχοντες ἀπευθυνθήτωσαν Ἀθήνας εἰς τὸ κατάστημα τῆς Νεαπόλεως, ὁδὸς Βόλωνος ἀριθ. 103 Α. Μανωλ.
